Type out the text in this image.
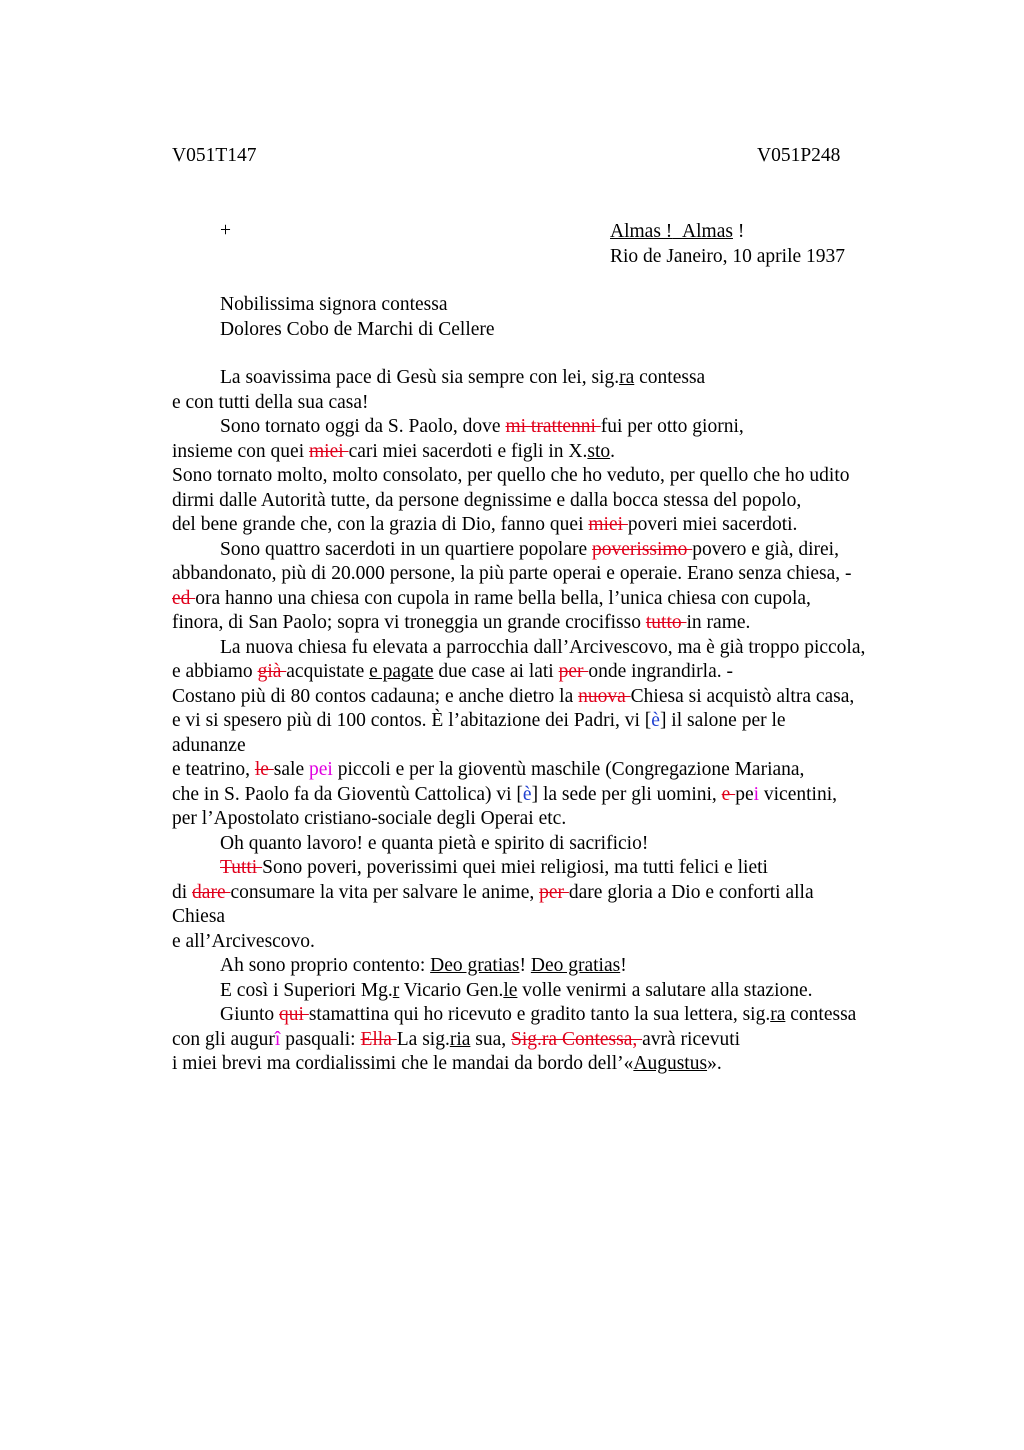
V051T147	V051P248
+	Almas ! Almas !
Rio de Janeiro, 10 aprile 1937
Nobilissima signora contessa
Dolores Cobo de Marchi di Cellere
La soavissima pace di Gesù sia sempre con lei, sig.ra contessa
e con tutti della sua casa!
Sono tornato oggi da S. Paolo, dove mi trattenni fui per otto giorni,
insieme con quei miei cari miei sacerdoti e figli in X.sto.
Sono tornato molto, molto consolato, per quello che ho veduto, per quello che ho udito
dirmi dalle Autorità tutte, da persone degnissime e dalla bocca stessa del popolo,
del bene grande che, con la grazia di Dio, fanno quei miei poveri miei sacerdoti.
Sono quattro sacerdoti in un quartiere popolare poverissimo povero e già, direi,
abbandonato, più di 20.000 persone, la più parte operai e operaie. Erano senza chiesa, -
ed ora hanno una chiesa con cupola in rame bella bella, l’unica chiesa con cupola,
finora, di San Paolo; sopra vi troneggia un grande crocifisso tutto in rame.
La nuova chiesa fu elevata a parrocchia dall’Arcivescovo, ma è già troppo piccola,
e abbiamo già acquistate e pagate due case ai lati per onde ingrandirla. -
Costano più di 80 contos cadauna; e anche dietro la nuova Chiesa si acquistò altra casa,
e vi si spesero più di 100 contos. È l’abitazione dei Padri, vi [è] il salone per le
adunanze
e teatrino, le sale pei piccoli e per la gioventù maschile (Congregazione Mariana,
che in S. Paolo fa da Gioventù Cattolica) vi [è] la sede per gli uomini, e pei vicentini,
per l’Apostolato cristiano-sociale degli Operai etc.
Oh quanto lavoro! e quanta pietà e spirito di sacrificio!
Tutti Sono poveri, poverissimi quei miei religiosi, ma tutti felici e lieti
di dare consumare la vita per salvare le anime, per dare gloria a Dio e conforti alla
Chiesa
e all’Arcivescovo.
Ah sono proprio contento: Deo gratias! Deo gratias!
E così i Superiori Mg.r Vicario Gen.le volle venirmi a salutare alla stazione.
Giunto qui stamattina qui ho ricevuto e gradito tanto la sua lettera, sig.ra contessa
con gli augurî pasquali: Ella La sig.ria sua, Sig.ra Contessa, avrà ricevuti
i miei brevi ma cordialissimi che le mandai da bordo dell’«Augustus».
